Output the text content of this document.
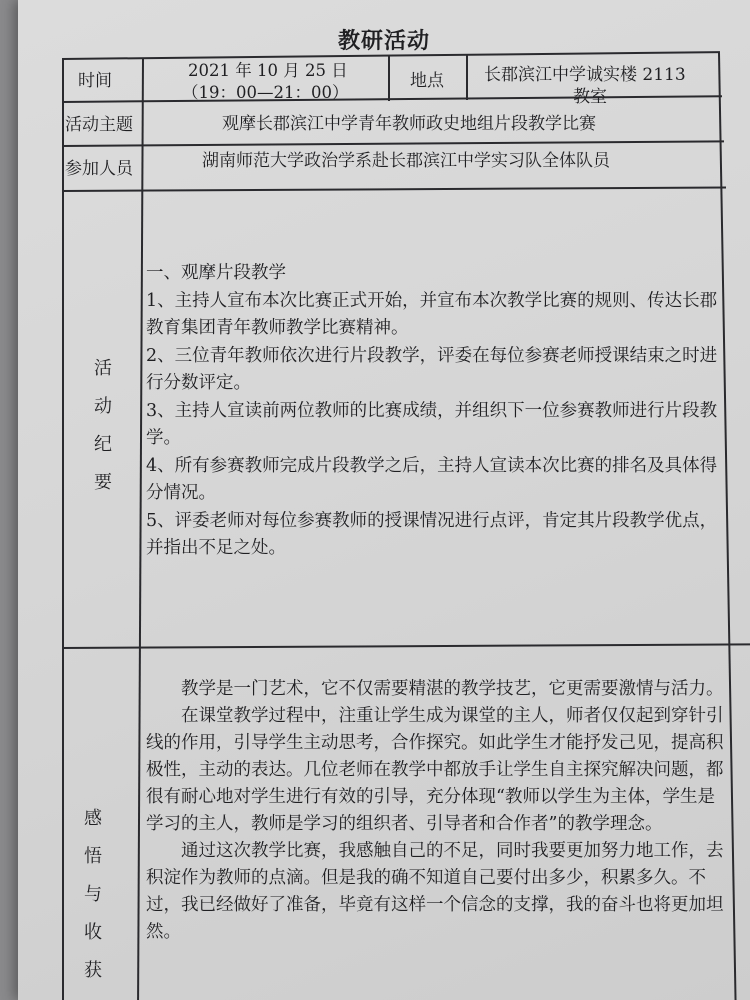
教研活动
时间
2021 年 10 月 25 日
（19：00—21：00）
地点 长郡滨江中学诚实楼 2113
教室
活动主题	观摩长郡滨江中学青年教师政史地组片段教学比赛
参加人员	湖南师范大学政治学系赴长郡滨江中学实习队全体队员
活
动
纪
要

一、观摩片段教学

1、主持人宣布本次比赛正式开始，并宣布本次教学比赛的规则、传达长郡教育集团青年教师教学比赛精神。

2、三位青年教师依次进行片段教学，评委在每位参赛老师授课结束之时进行分数评定。

3、主持人宣读前两位教师的比赛成绩，并组织下一位参赛教师进行片段教学。

4、所有参赛教师完成片段教学之后，主持人宣读本次比赛的排名及具体得分情况。

5、评委老师对每位参赛教师的授课情况进行点评，肯定其片段教学优点，并指出不足之处。

感
悟
与
收
获

教学是一门艺术，它不仅需要精湛的教学技艺，它更需要激情与活力。

在课堂教学过程中，注重让学生成为课堂的主人，师者仅仅起到穿针引线的作用，引导学生主动思考，合作探究。如此学生才能抒发己见，提高积极性，主动的表达。几位老师在教学中都放手让学生自主探究解决问题，都很有耐心地对学生进行有效的引导，充分体现“教师以学生为主体，学生是学习的主人，教师是学习的组织者、引导者和合作者”的教学理念。

通过这次教学比赛，我感触自己的不足，同时我要更加努力地工作，去积淀作为教师的点滴。但是我的确不知道自己要付出多少，积累多久。不过，我已经做好了准备，毕竟有这样一个信念的支撑，我的奋斗也将更加坦然。
